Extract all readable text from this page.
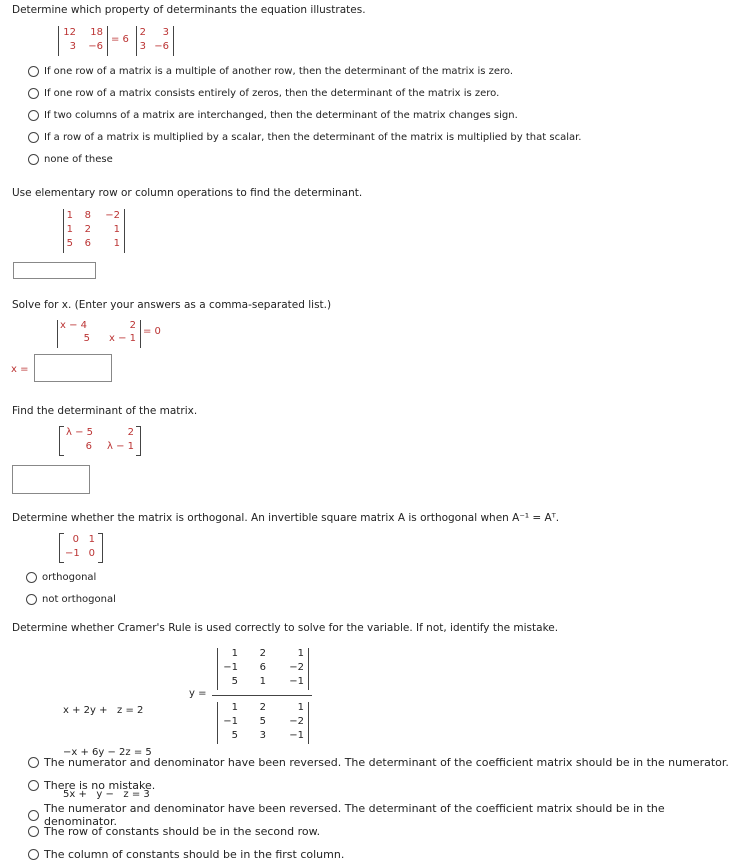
Determine which property of determinants the equation illustrates.
12	18
3	−6
= 6
2	3
3 −6
If one row of a matrix is a multiple of another row, then the determinant of the matrix is zero.
If one row of a matrix consists entirely of zeros, then the determinant of the matrix is zero.
If two columns of a matrix are interchanged, then the determinant of the matrix changes sign.
If a row of a matrix is multiplied by a scalar, then the determinant of the matrix is multiplied by that scalar.
none of these
Use elementary row or column operations to find the determinant.
1	8	−2
1	2	1
5	6	1
Solve for x. (Enter your answers as a comma-separated list.)
x − 4	2
5	x − 1
= 0
x =
Find the determinant of the matrix.
λ − 5	2
6	λ − 1
Determine whether the matrix is orthogonal. An invertible square matrix A is orthogonal when A⁻¹ = Aᵀ.
0 1
−1 0
orthogonal
not orthogonal
Determine whether Cramer's Rule is used correctly to solve for the variable. If not, identify the mistake.

x + 2y +   z = 2

−x + 6y − 2z = 5

5x +   y −   z = 3

y =
1	2	1
−1	6	−2
5	1	−1
1	2	1
−1	5	−2
5	3	−1
The numerator and denominator have been reversed. The determinant of the coefficient matrix should be in the numerator.
There is no mistake.
The numerator and denominator have been reversed. The determinant of the coefficient matrix should be in the denominator.
The row of constants should be in the second row.
The column of constants should be in the first column.
